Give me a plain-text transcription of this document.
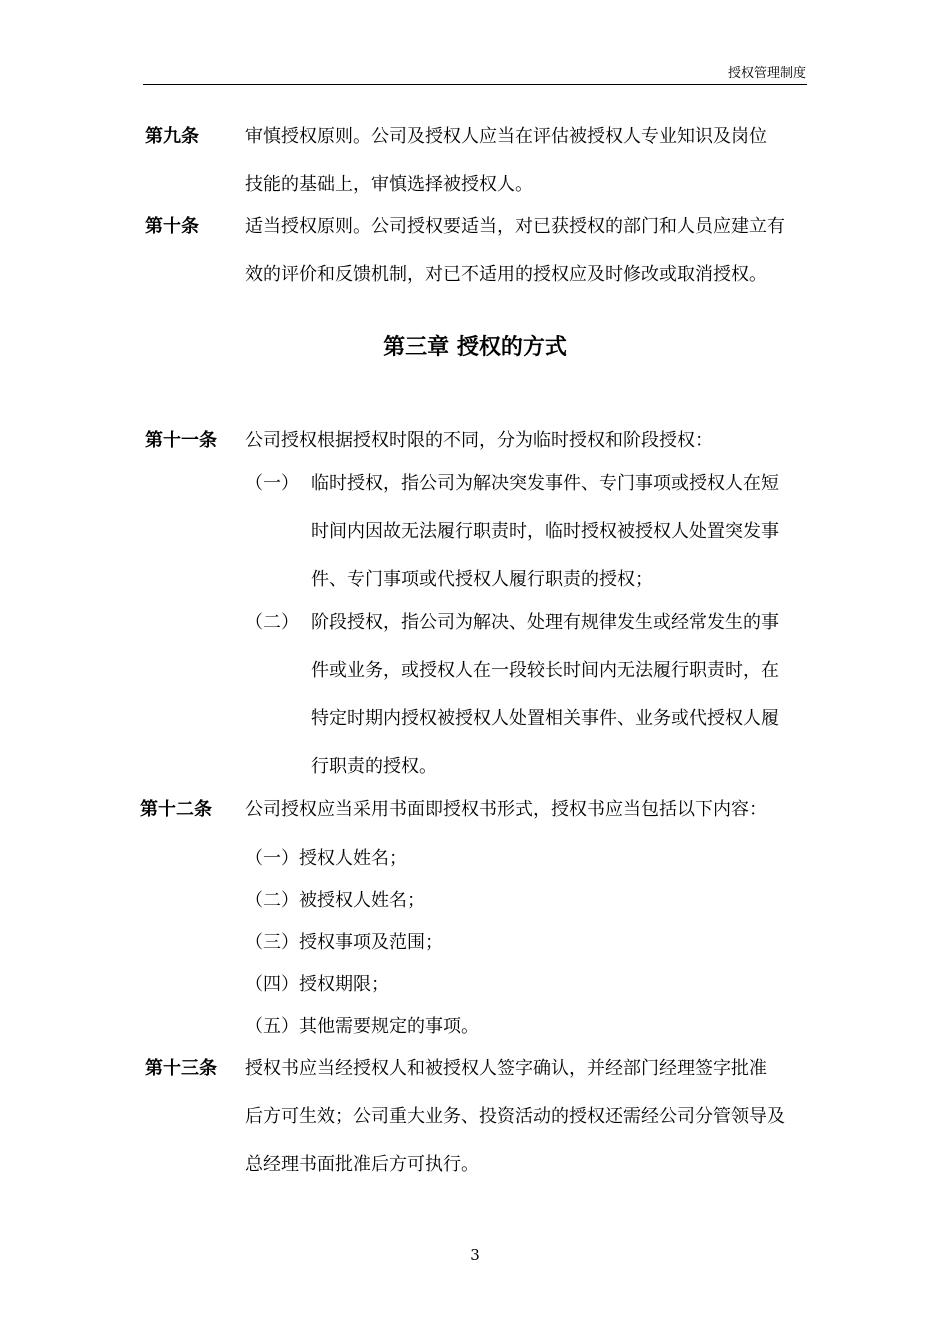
授权管理制度
第九条	审慎授权原则。公司及授权人应当在评估被授权人专业知识及岗位
技能的基础上，审慎选择被授权人。
第十条	适当授权原则。公司授权要适当，对已获授权的部门和人员应建立有
效的评价和反馈机制，对已不适用的授权应及时修改或取消授权。
第三章 授权的方式
第十一条 公司授权根据授权时限的不同，分为临时授权和阶段授权：
（一） 临时授权，指公司为解决突发事件、专门事项或授权人在短
时间内因故无法履行职责时，临时授权被授权人处置突发事
件、专门事项或代授权人履行职责的授权；
（二） 阶段授权，指公司为解决、处理有规律发生或经常发生的事
件或业务，或授权人在一段较长时间内无法履行职责时，在
特定时期内授权被授权人处置相关事件、业务或代授权人履
行职责的授权。
第十二条 公司授权应当采用书面即授权书形式，授权书应当包括以下内容：
（一）授权人姓名；
（二）被授权人姓名；
（三）授权事项及范围；
（四）授权期限；
（五）其他需要规定的事项。
第十三条 授权书应当经授权人和被授权人签字确认，并经部门经理签字批准
后方可生效；公司重大业务、投资活动的授权还需经公司分管领导及
总经理书面批准后方可执行。
3
